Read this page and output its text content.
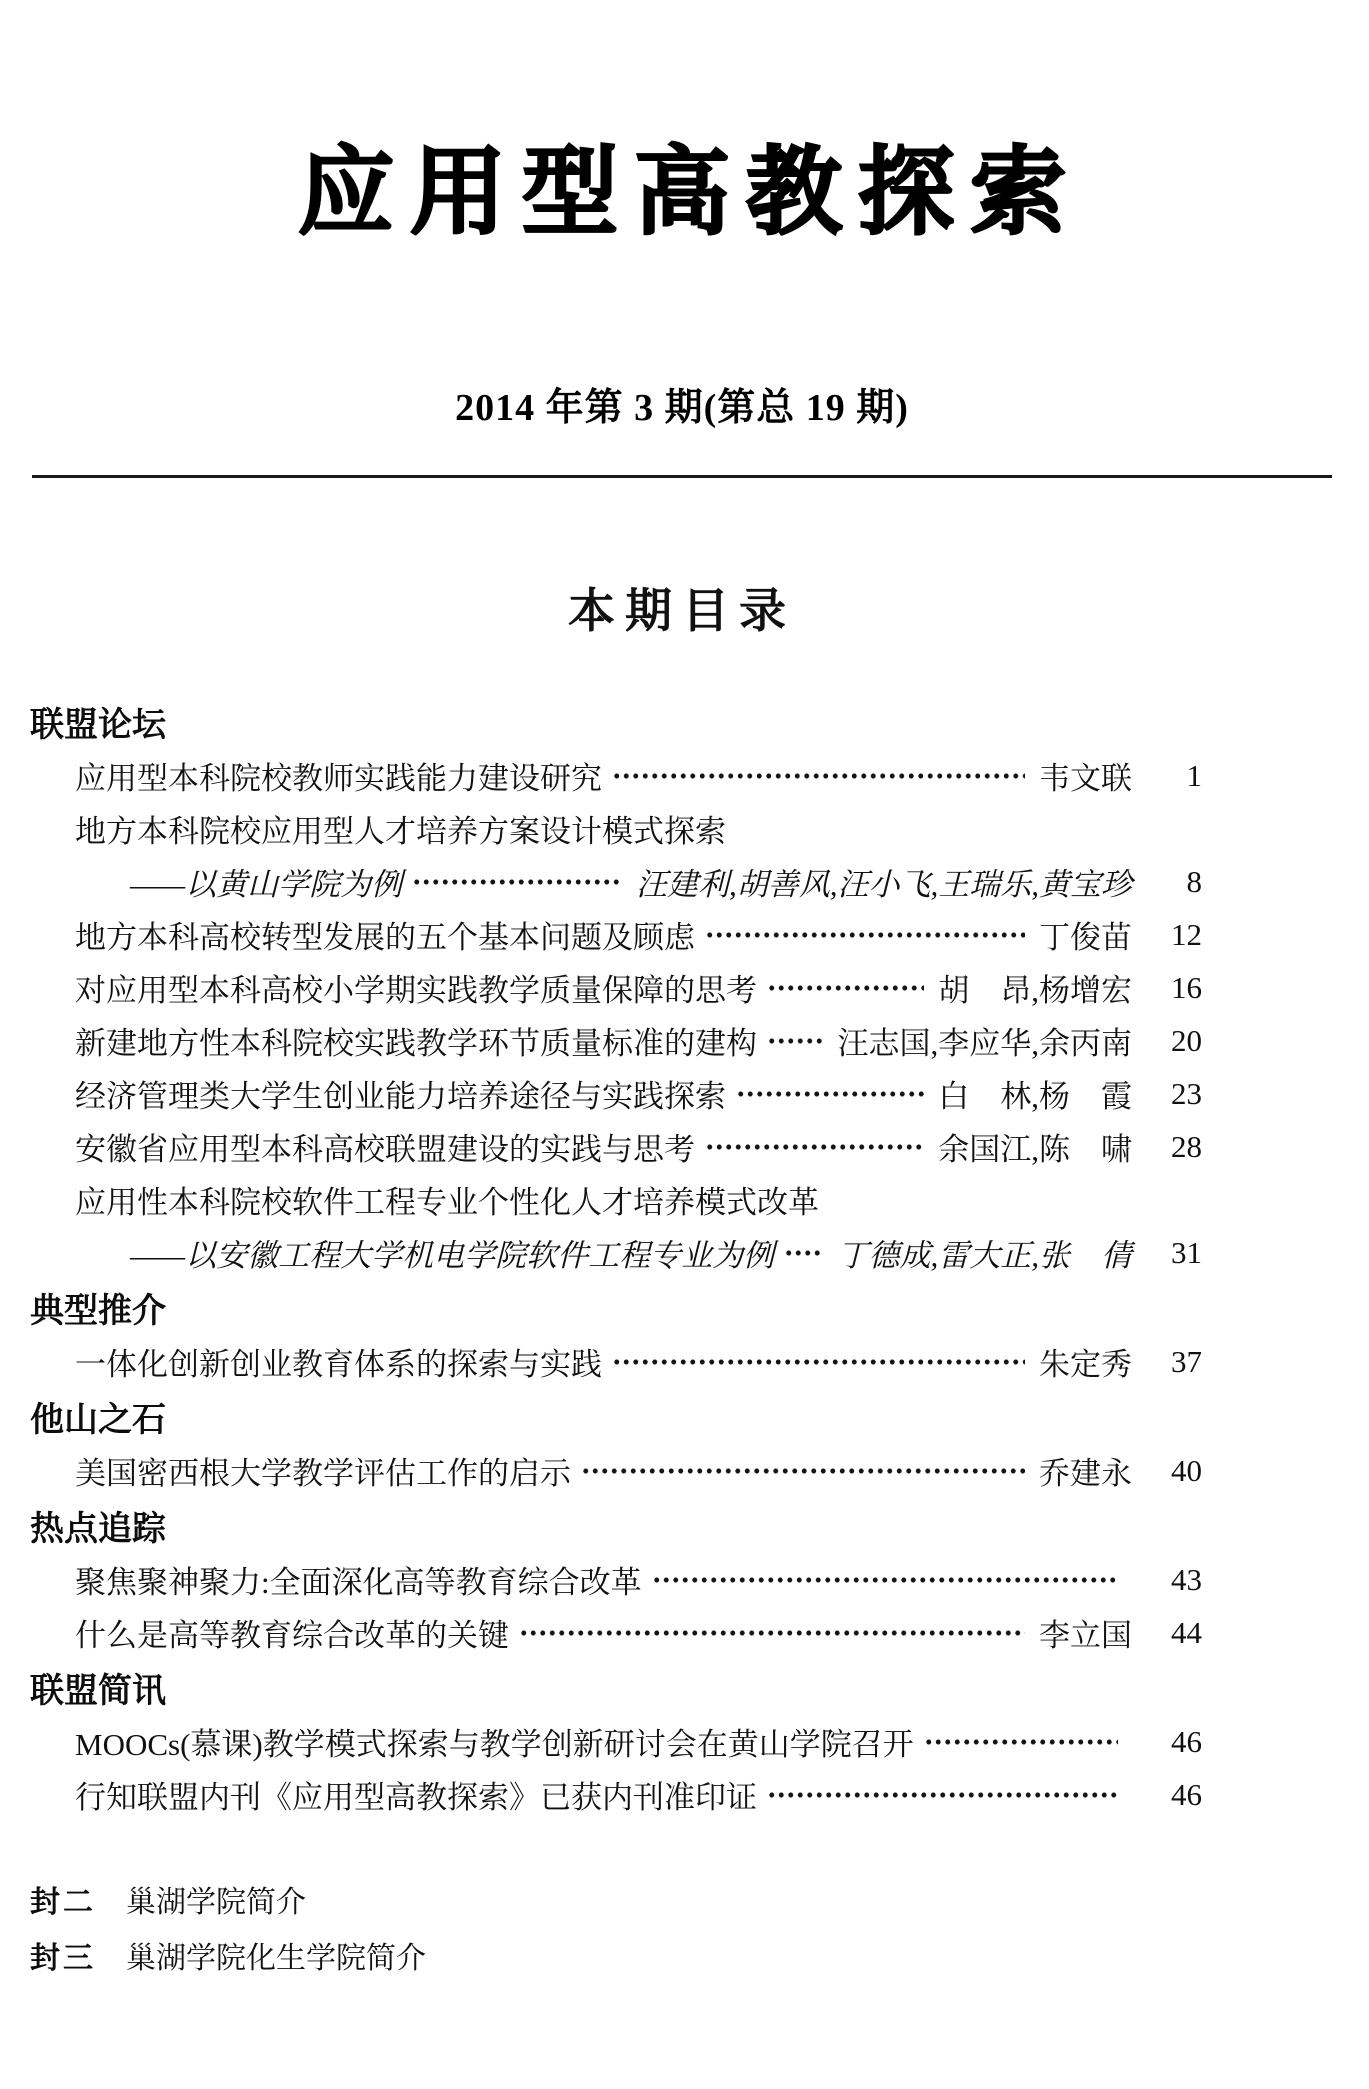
应用型高教探索
2014 年第 3 期(第总 19 期)
本期目录
联盟论坛
应用型本科院校教师实践能力建设研究	韦文联	1
地方本科院校应用型人才培养方案设计模式探索
——以黄山学院为例	汪建利,胡善风,汪小飞,王瑞乐,黄宝珍	8
地方本科高校转型发展的五个基本问题及顾虑	丁俊苗	12
对应用型本科高校小学期实践教学质量保障的思考	胡　昂,杨增宏	16
新建地方性本科院校实践教学环节质量标准的建构	汪志国,李应华,余丙南	20
经济管理类大学生创业能力培养途径与实践探索	白　林,杨　霞	23
安徽省应用型本科高校联盟建设的实践与思考	余国江,陈　啸	28
应用性本科院校软件工程专业个性化人才培养模式改革
——以安徽工程大学机电学院软件工程专业为例 丁德成,雷大正,张　倩	31
典型推介
一体化创新创业教育体系的探索与实践	朱定秀	37
他山之石
美国密西根大学教学评估工作的启示	乔建永	40
热点追踪
聚焦聚神聚力:全面深化高等教育综合改革	43
什么是高等教育综合改革的关键	李立国	44
联盟简讯
MOOCs(慕课)教学模式探索与教学创新研讨会在黄山学院召开	46
行知联盟内刊《应用型高教探索》已获内刊准印证	46
封二 巢湖学院简介
封三 巢湖学院化生学院简介
